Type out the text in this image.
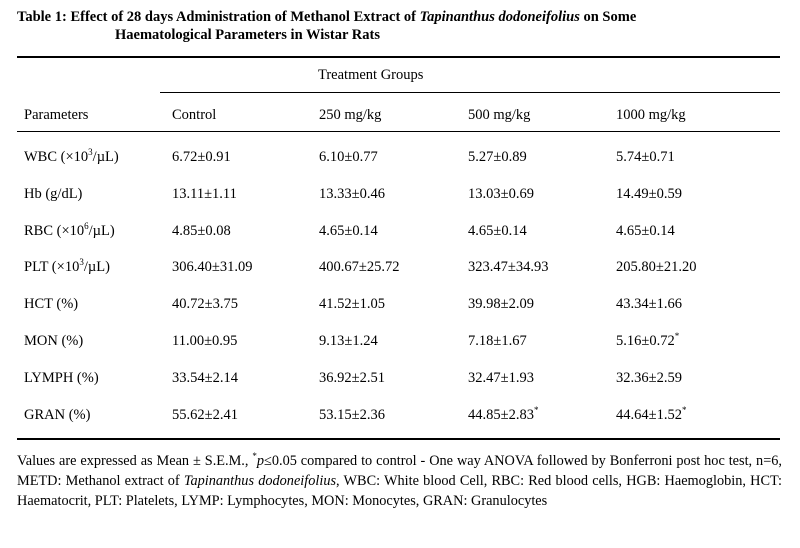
Table 1: Effect of 28 days Administration of Methanol Extract of Tapinanthus dodoneifolius on Some
Haematological Parameters in Wistar Rats
Treatment Groups
Parameters	Control	250 mg/kg	500 mg/kg	1000 mg/kg
WBC $(\times 10^3/\mu L)$	6.72±0.91	6.10±0.77	5.27±0.89	5.74±0.71
Hb (g/dL)	13.11±1.11	13.33±0.46	13.03±0.69	14.49±0.59
RBC $(\times 10^6/\mu L)$	4.85±0.08	4.65±0.14	4.65±0.14	4.65±0.14
PLT $(\times 10^3/\mu L)$	306.40±31.09	400.67±25.72	323.47±34.93	205.80±21.20
HCT (%)	40.72±3.75	41.52±1.05	39.98±2.09	43.34±1.66
MON (%)	11.00±0.95	9.13±1.24	7.18±1.67	5.16±0.72*
LYMPH (%)	33.54±2.14	36.92±2.51	32.47±1.93	32.36±2.59
GRAN (%)	55.62±2.41	53.15±2.36	44.85±2.83*	44.64±1.52*
Values are expressed as Mean ± S.E.M., *p≤0.05 compared to control - One way ANOVA followed by Bonferroni post hoc test, n=6, METD: Methanol extract of Tapinanthus dodoneifolius, WBC: White blood Cell, RBC: Red blood cells, HGB: Haemoglobin, HCT: Haematocrit, PLT: Platelets, LYMP: Lymphocytes, MON: Monocytes, GRAN: Granulocytes
